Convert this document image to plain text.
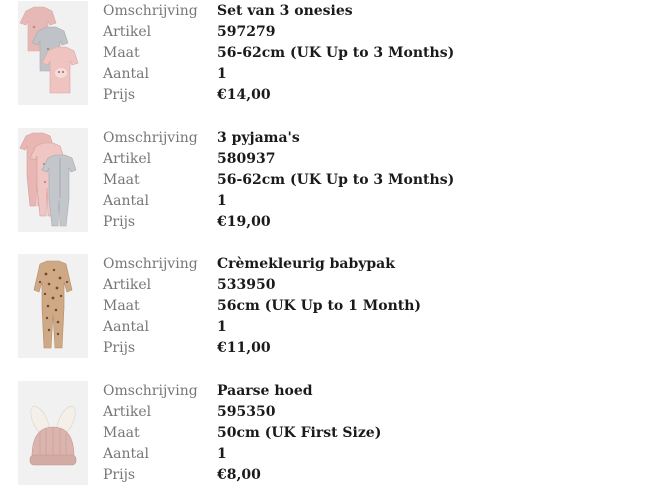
Omschrijving Set van 3 onesies
Artikel	597279
Maat	56-62cm (UK Up to 3 Months)
Aantal	1
Prijs	€14,00
Omschrijving 3 pyjama's
Artikel	580937
Maat	56-62cm (UK Up to 3 Months)
Aantal	1
Prijs	€19,00
Omschrijving Crèmekleurig babypak
Artikel	533950
Maat	56cm (UK Up to 1 Month)
Aantal	1
Prijs	€11,00
Omschrijving Paarse hoed
Artikel	595350
Maat	50cm (UK First Size)
Aantal	1
Prijs	€8,00
